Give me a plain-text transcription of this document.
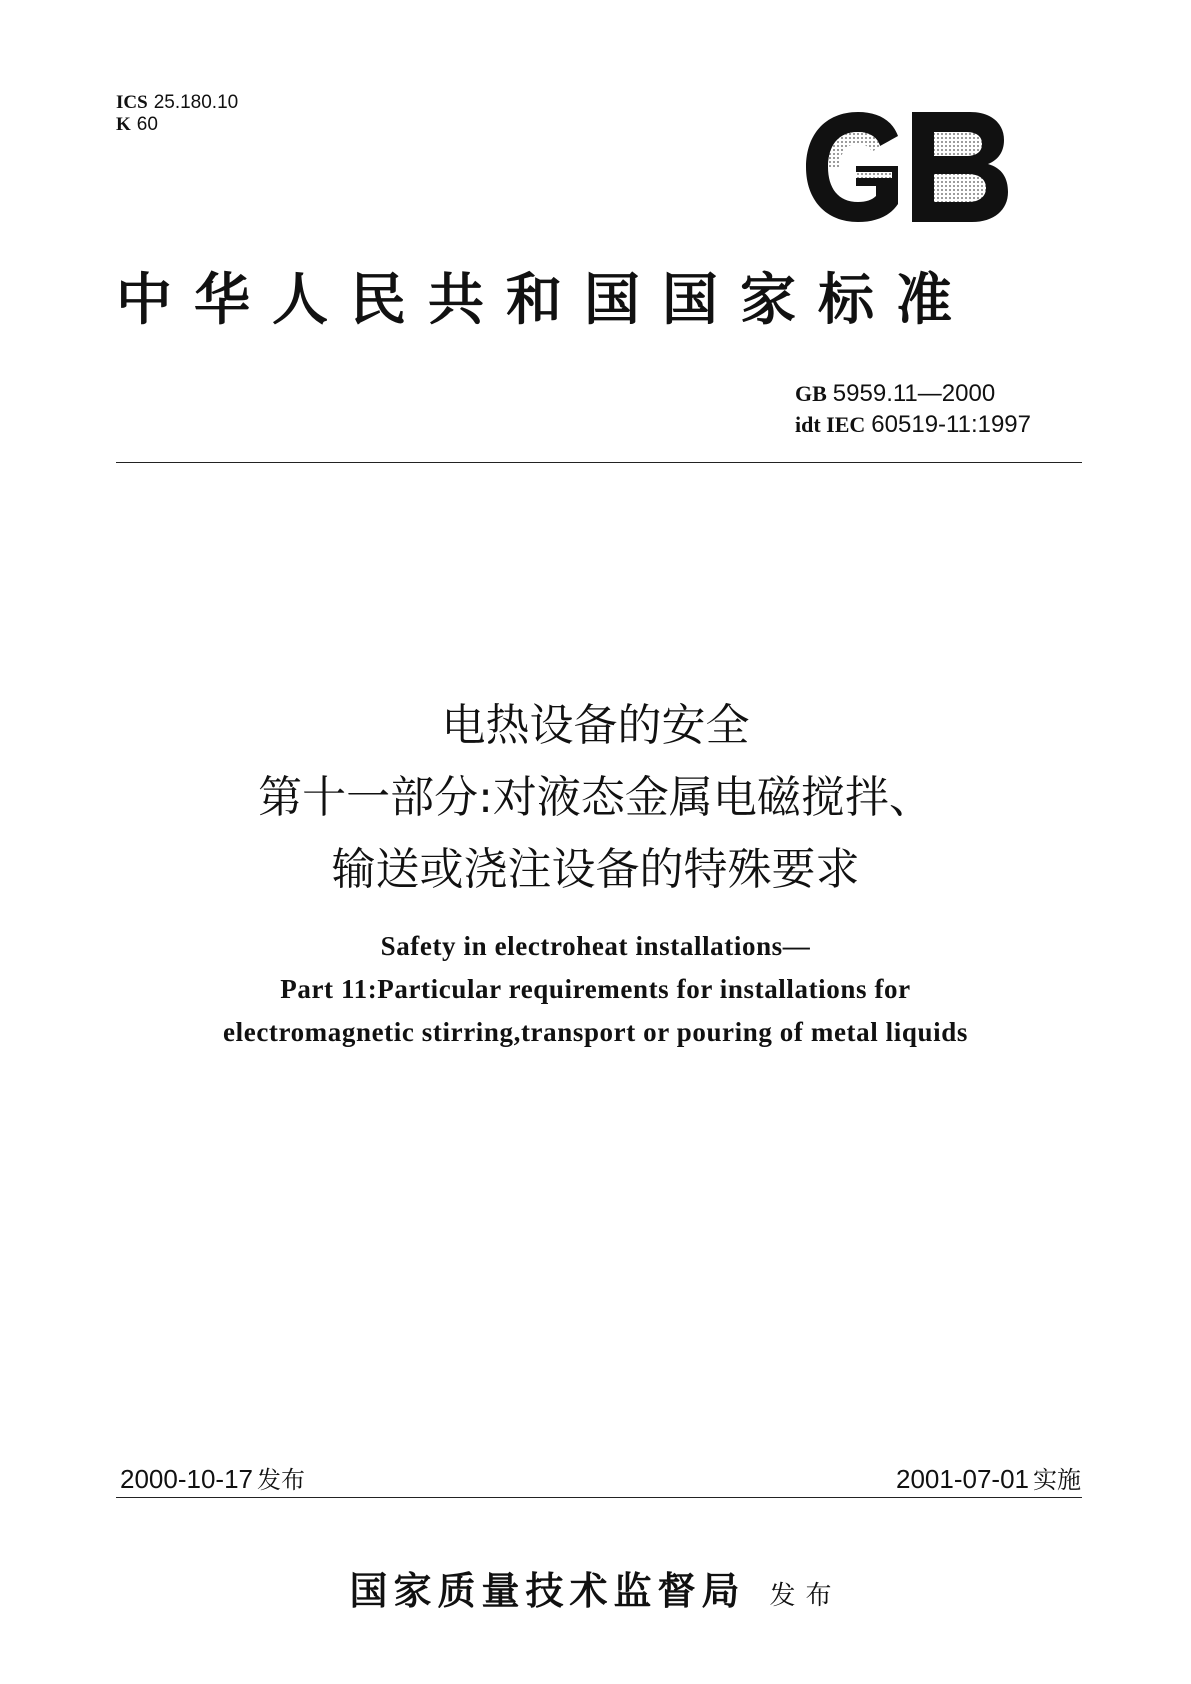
ICS 25.180.10
K 60
中华人民共和国国家标准
GB 5959.11—2000
idt IEC 60519-11:1997
电热设备的安全
第十一部分:对液态金属电磁搅拌、
输送或浇注设备的特殊要求
Safety in electroheat installations—
Part 11:Particular requirements for installations for
electromagnetic stirring,transport or pouring of metal liquids
2000-10-17 发布	2001-07-01 实施
国家质量技术监督局 发布
